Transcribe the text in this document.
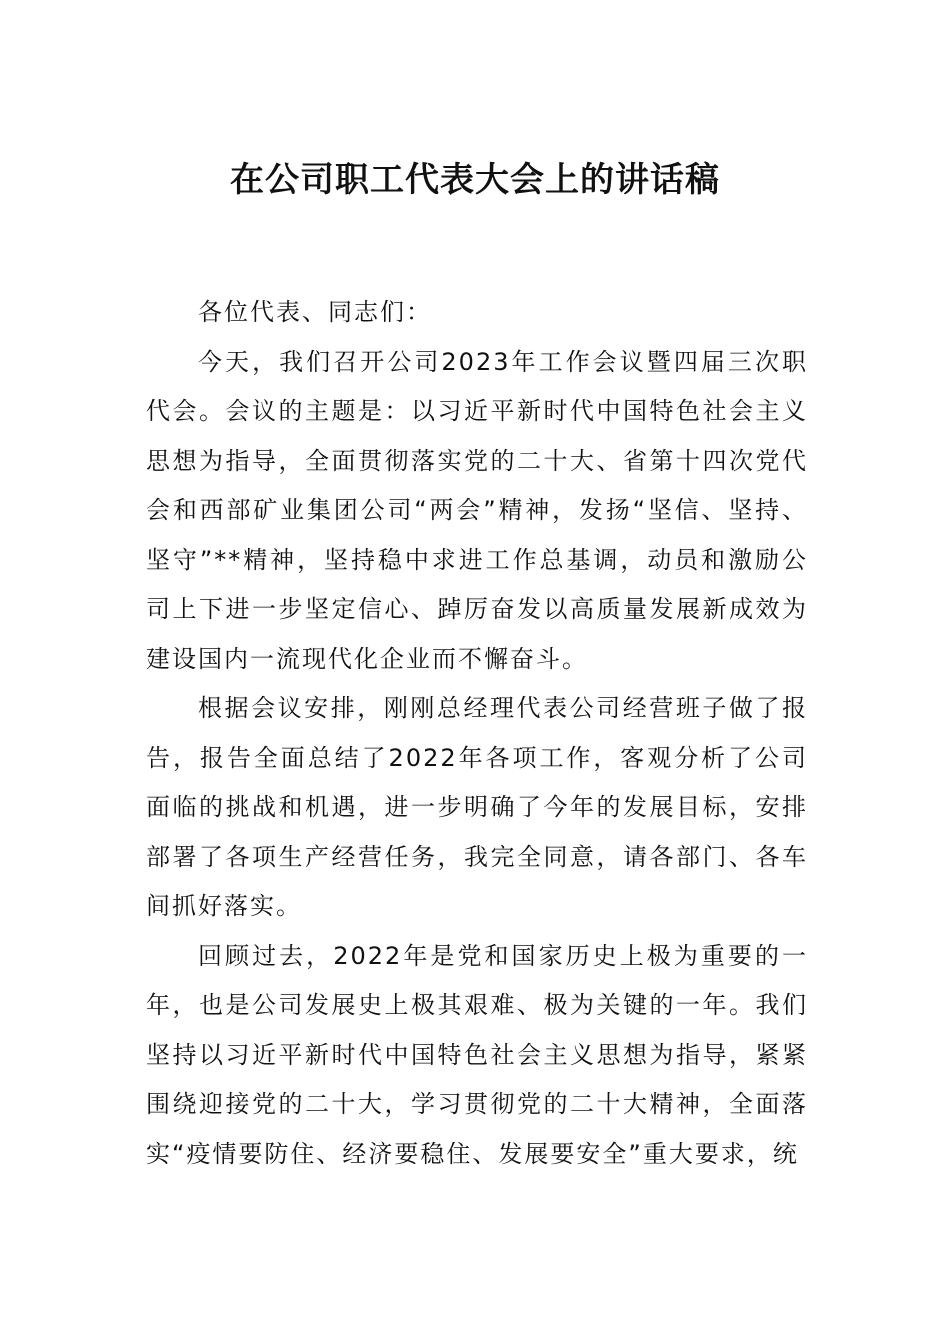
在公司职工代表大会上的讲话稿

各位代表、同志们：

今天，我们召开公司2023年工作会议暨四届三次职代会。会议的主题是：以习近平新时代中国特色社会主义思想为指导，全面贯彻落实党的二十大、省第十四次党代会和西部矿业集团公司“两会”精神，发扬“坚信、坚持、坚守”**精神，坚持稳中求进工作总基调，动员和激励公司上下进一步坚定信心、踔厉奋发以高质量发展新成效为建设国内一流现代化企业而不懈奋斗。

根据会议安排，刚刚总经理代表公司经营班子做了报告，报告全面总结了2022年各项工作，客观分析了公司面临的挑战和机遇，进一步明确了今年的发展目标，安排部署了各项生产经营任务，我完全同意，请各部门、各车间抓好落实。

回顾过去，2022年是党和国家历史上极为重要的一年，也是公司发展史上极其艰难、极为关键的一年。我们坚持以习近平新时代中国特色社会主义思想为指导，紧紧围绕迎接党的二十大，学习贯彻党的二十大精神，全面落实“疫情要防住、经济要稳住、发展要安全”重大要求，统
